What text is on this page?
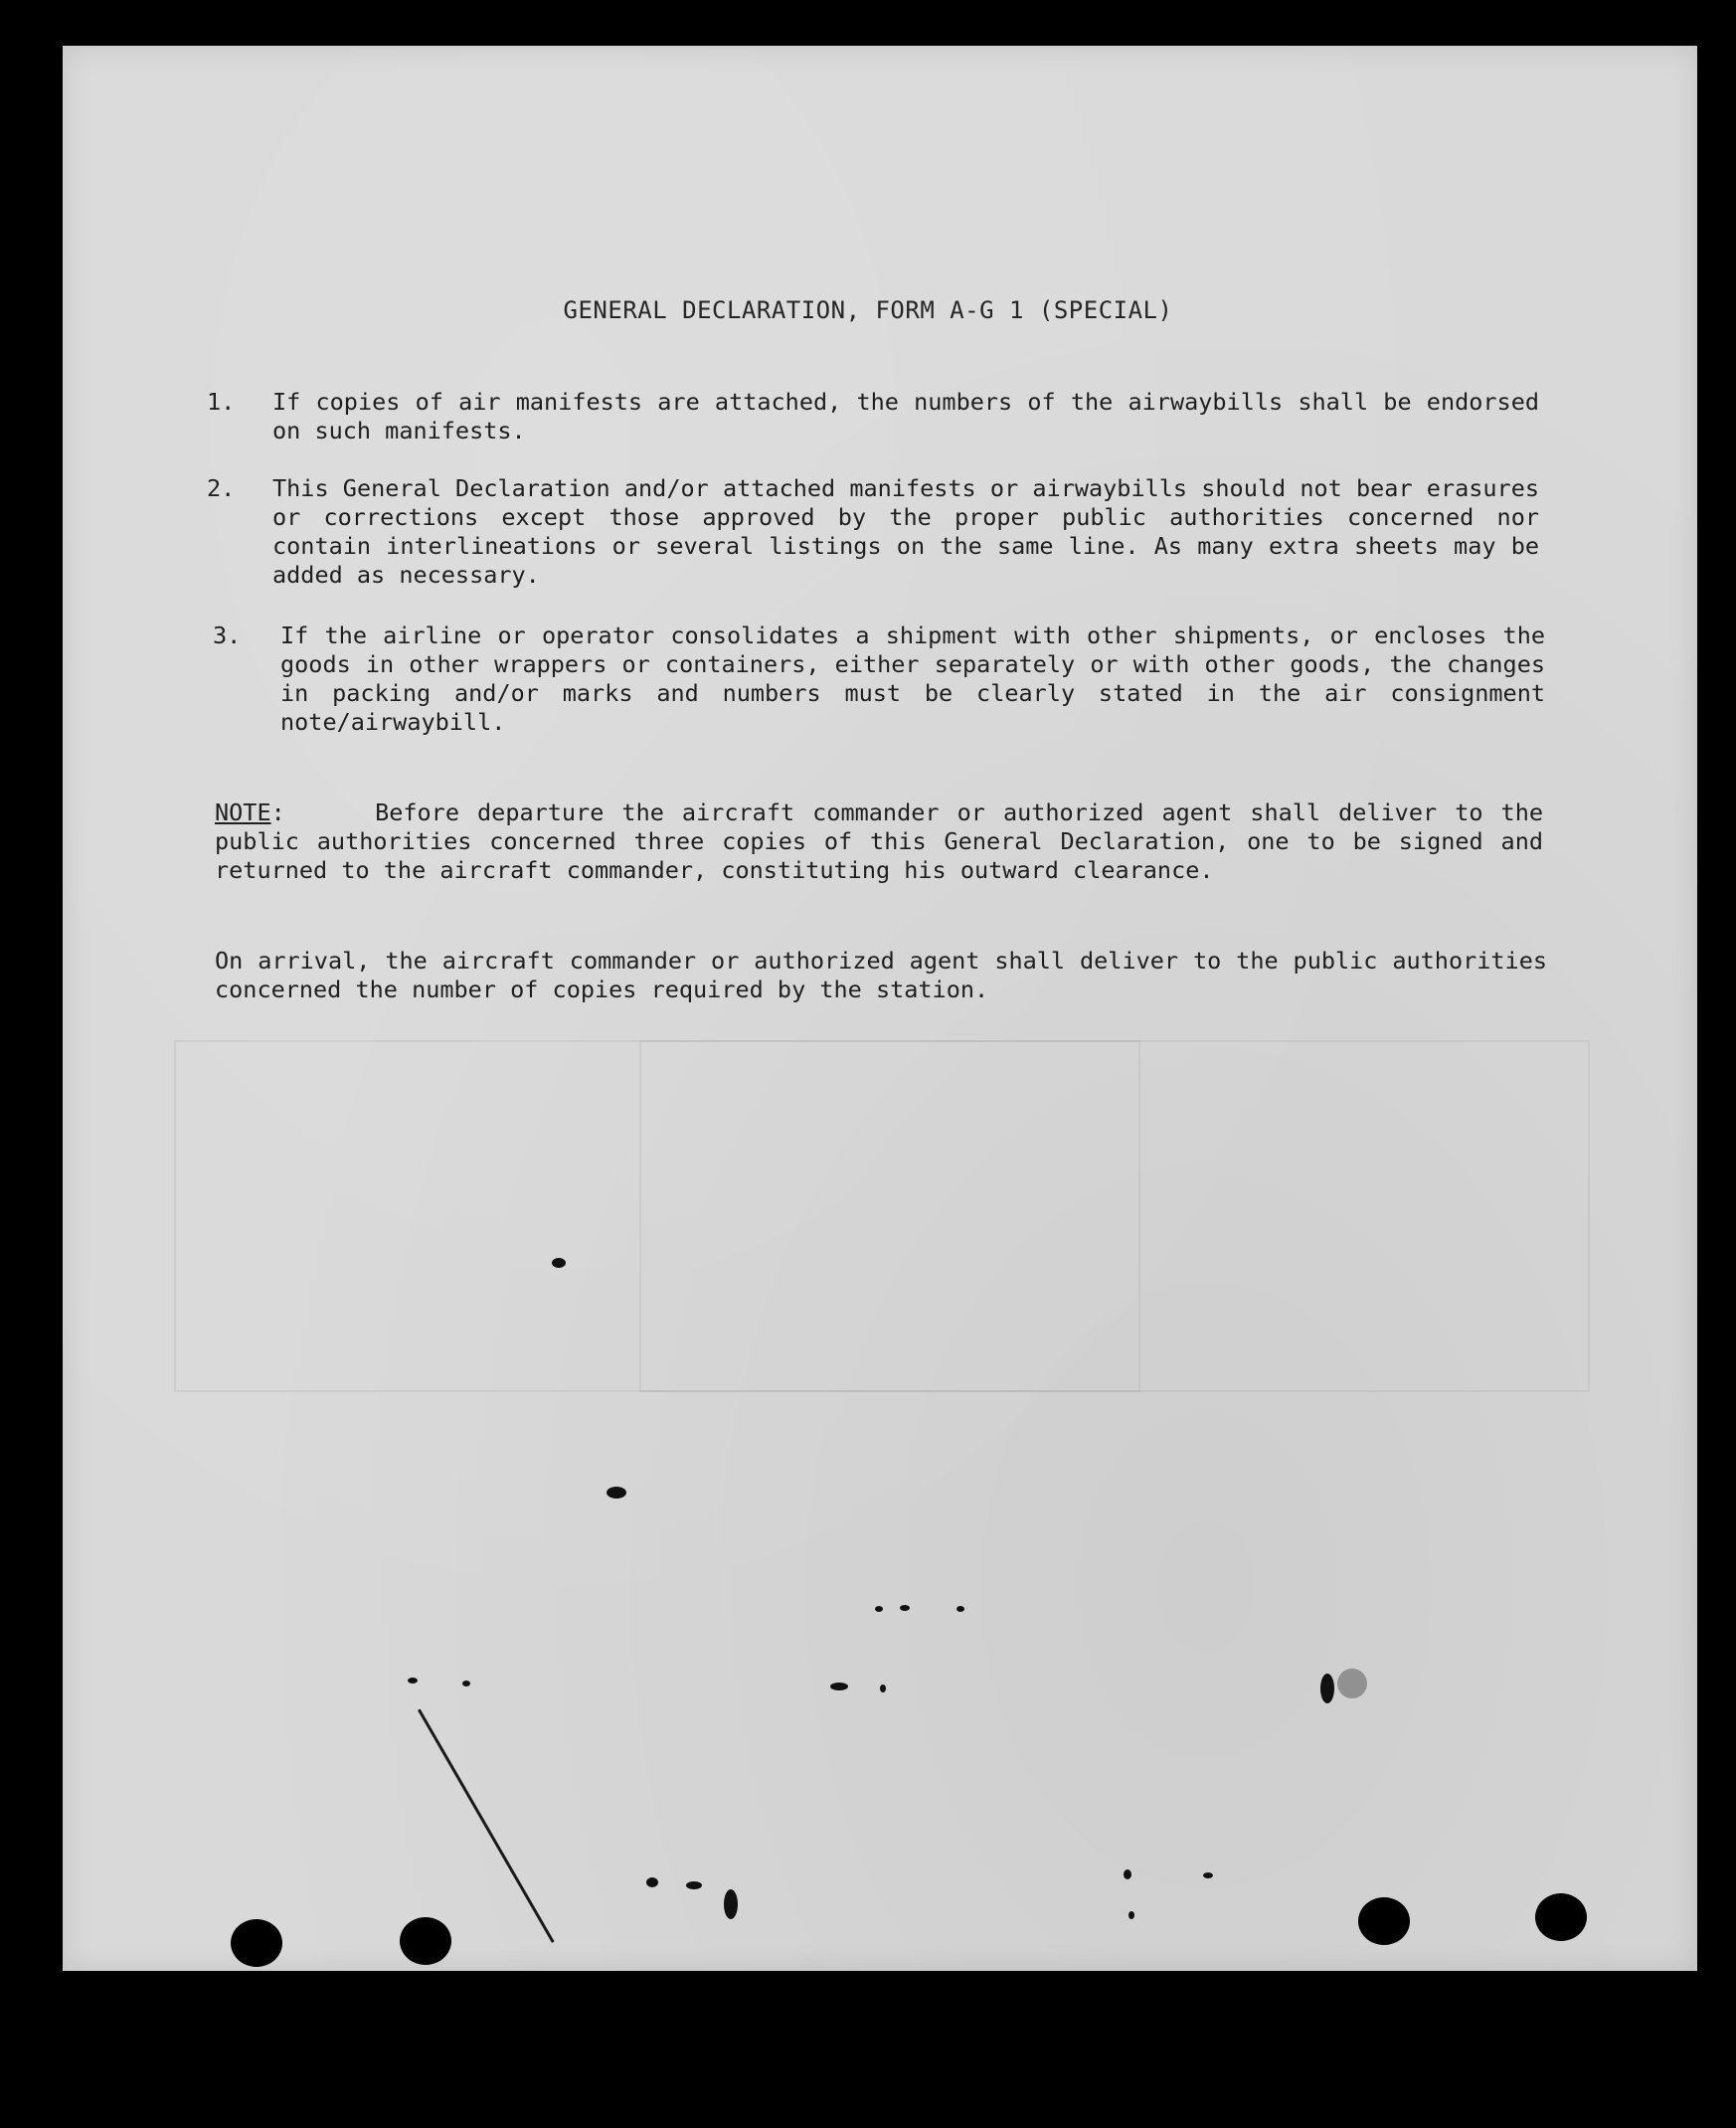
GENERAL DECLARATION, FORM A-G 1 (SPECIAL)
1. If copies of air manifests are attached, the numbers of the airwaybills shall be endorsed on such manifests.
2. This General Declaration and/or attached manifests or airwaybills should not bear erasures or corrections except those approved by the proper public authorities concerned nor contain interlineations or several listings on the same line. As many extra sheets may be added as necessary.
3. If the airline or operator consolidates a shipment with other shipments, or encloses the goods in other wrappers or containers, either separately or with other goods, the changes in packing and/or marks and numbers must be clearly stated in the air consignment note/airwaybill.
NOTE:	Before departure the aircraft commander or authorized agent shall deliver to the public authorities concerned three copies of this General Declaration, one to be signed and returned to the aircraft commander, constituting his outward clearance.
On arrival, the aircraft commander or authorized agent shall deliver to the public authorities concerned the number of copies required by the station.
